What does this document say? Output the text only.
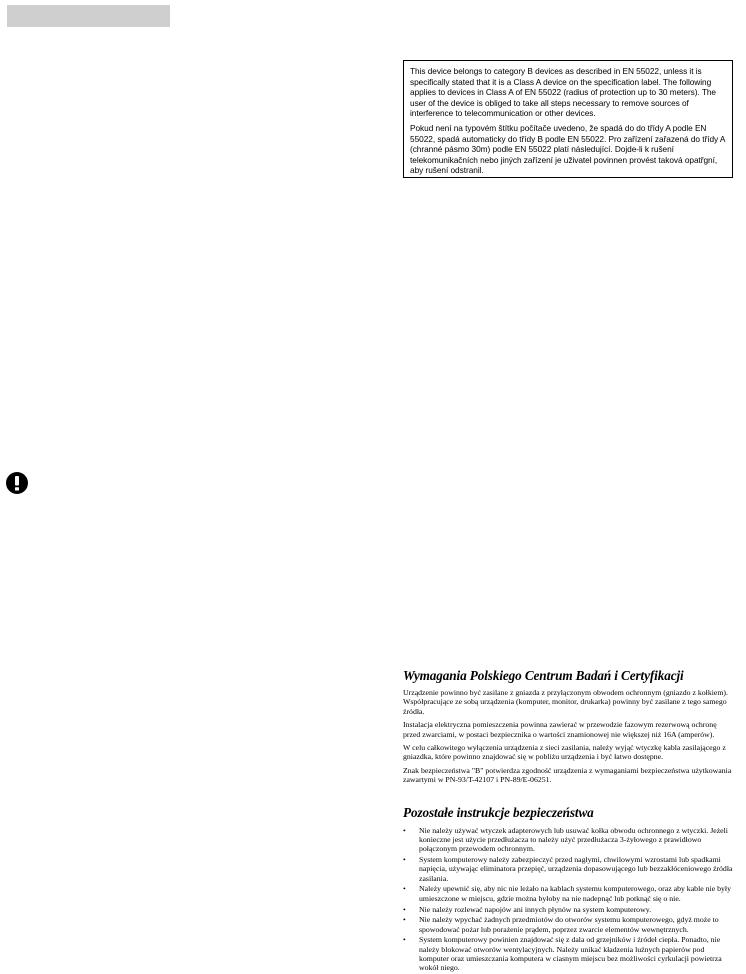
This device belongs to category B devices as described in EN 55022, unless it is specifically stated that it is a Class A device on the specification label. The following applies to devices in Class A of EN 55022 (radius of protection up to 30 meters). The user of the device is obliged to take all steps necessary to remove sources of interference to telecommunication or other devices.

Pokud není na typovém štítku počítače uvedeno, že spadá do do třídy A podle EN 55022, spadá automaticky do třídy B podle EN 55022. Pro zařízení zařazená do třídy A (chranné pásmo 30m) podle EN 55022 platí následující. Dojde-li k rušení telekomunikačních nebo jiných zařízení je uživatel povinnen provést taková opatřgní, aby rušení odstranil.

Wymagania Polskiego Centrum Badań i Certyfikacji

Urządzenie powinno być zasilane z gniazda z przyłączonym obwodem ochronnym (gniazdo z kołkiem). Współpracujące ze sobą urządzenia (komputer, monitor, drukarka) powinny być zasilane z tego samego źródła.

Instalacja elektryczna pomieszczenia powinna zawierać w przewodzie fazowym rezerwową ochronę przed zwarciami, w postaci bezpiecznika o wartości znamionowej nie większej niż 16A (amperów).

W celu całkowitego wyłączenia urządzenia z sieci zasilania, należy wyjąć wtyczkę kabla zasilającego z gniazdka, które powinno znajdować się w pobliżu urządzenia i być łatwo dostępne.

Znak bezpieczeństwa "B" potwierdza zgodność urządzenia z wymaganiami bezpieczeństwa użytkowania zawartymi w PN-93/T-42107 i PN-89/E-06251.

Pozostałe instrukcje bezpieczeństwa
• Nie należy używać wtyczek adapterowych lub usuwać kołka obwodu ochronnego z wtyczki. Jeżeli konieczne jest użycie przedłużacza to należy użyć przedłużacza 3-żyłowego z prawidłowo połączonym przewodem ochronnym.
• System komputerowy należy zabezpieczyć przed nagłymi, chwilowymi wzrostami lub spadkami napięcia, używając eliminatora przepięć, urządzenia dopasowującego lub bezzakłóceniowego źródła zasilania.
• Należy upewnić się, aby nic nie leżało na kablach systemu komputerowego, oraz aby kable nie były umieszczone w miejscu, gdzie można byłoby na nie nadepnąć lub potknąć się o nie.
• Nie należy rozlewać napojów ani innych płynów na system komputerowy.
• Nie należy wpychać żadnych przedmiotów do otworów systemu komputerowego, gdyż może to spowodować pożar lub porażenie prądem, poprzez zwarcie elementów wewnętrznych.
• System komputerowy powinien znajdować się z dala od grzejników i źródeł ciepła. Ponadto, nie należy blokować otworów wentylacyjnych. Należy unikać kładzenia luźnych papierów pod komputer oraz umieszczania komputera w ciasnym miejscu bez możliwości cyrkulacji powietrza wokół niego.
